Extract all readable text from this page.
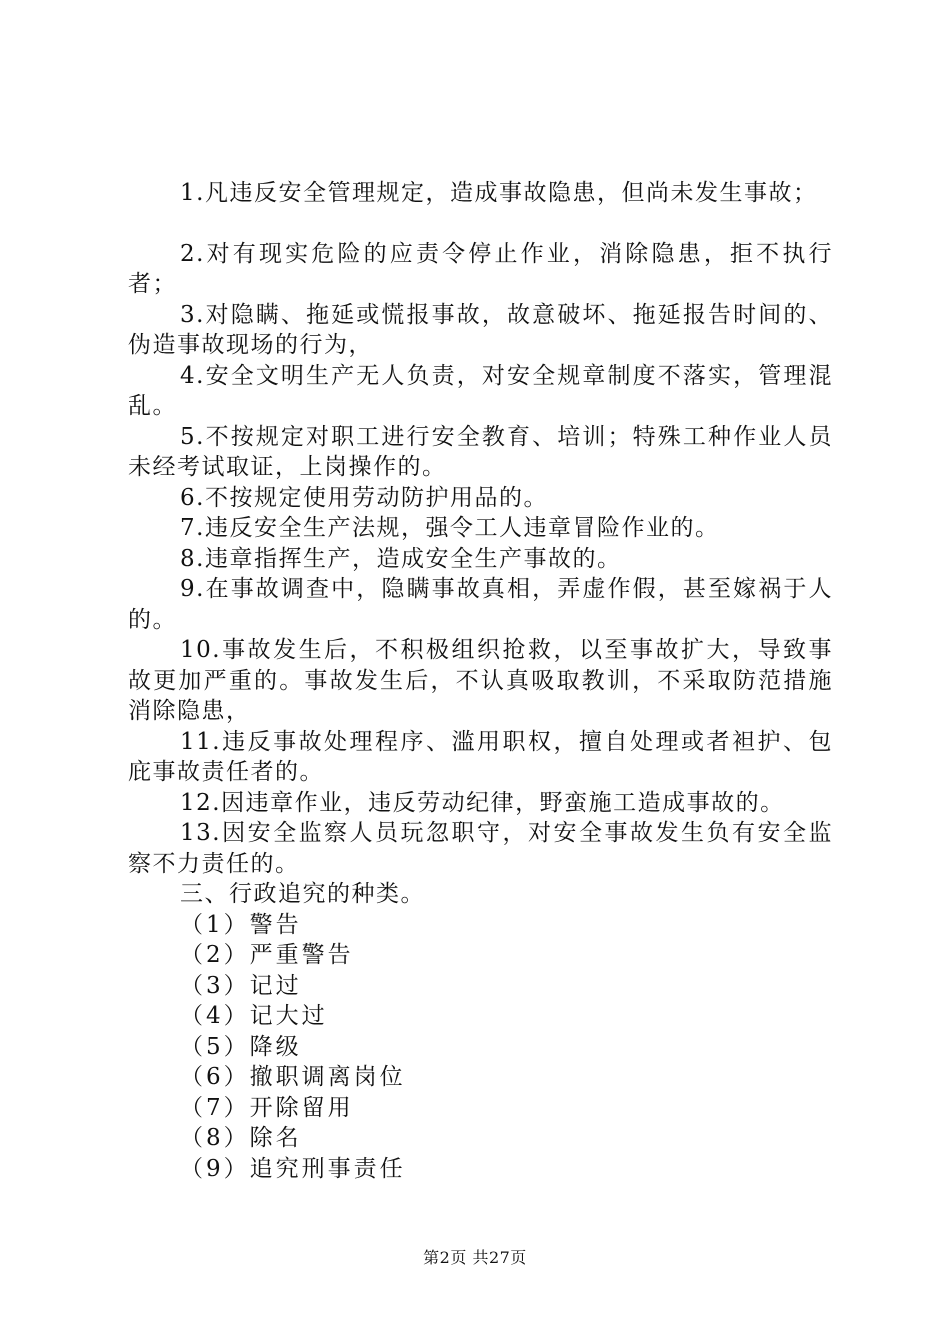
1.凡违反安全管理规定，造成事故隐患，但尚未发生事故；

2.对有现实危险的应责令停止作业，消除隐患，拒不执行者；

3.对隐瞒、拖延或慌报事故，故意破坏、拖延报告时间的、伪造事故现场的行为，

4.安全文明生产无人负责，对安全规章制度不落实，管理混乱。

5.不按规定对职工进行安全教育、培训；特殊工种作业人员未经考试取证，上岗操作的。

6.不按规定使用劳动防护用品的。

7.违反安全生产法规，强令工人违章冒险作业的。

8.违章指挥生产，造成安全生产事故的。

9.在事故调查中，隐瞒事故真相，弄虚作假，甚至嫁祸于人的。

10.事故发生后，不积极组织抢救，以至事故扩大，导致事故更加严重的。事故发生后，不认真吸取教训，不采取防范措施消除隐患，

11.违反事故处理程序、滥用职权，擅自处理或者袒护、包庇事故责任者的。

12.因违章作业，违反劳动纪律，野蛮施工造成事故的。

13.因安全监察人员玩忽职守，对安全事故发生负有安全监察不力责任的。

三、行政追究的种类。

（1）警告

（2）严重警告

（3）记过

（4）记大过

（5）降级

（6）撤职调离岗位

（7）开除留用

（8）除名

（9）追究刑事责任

第2页 共27页
